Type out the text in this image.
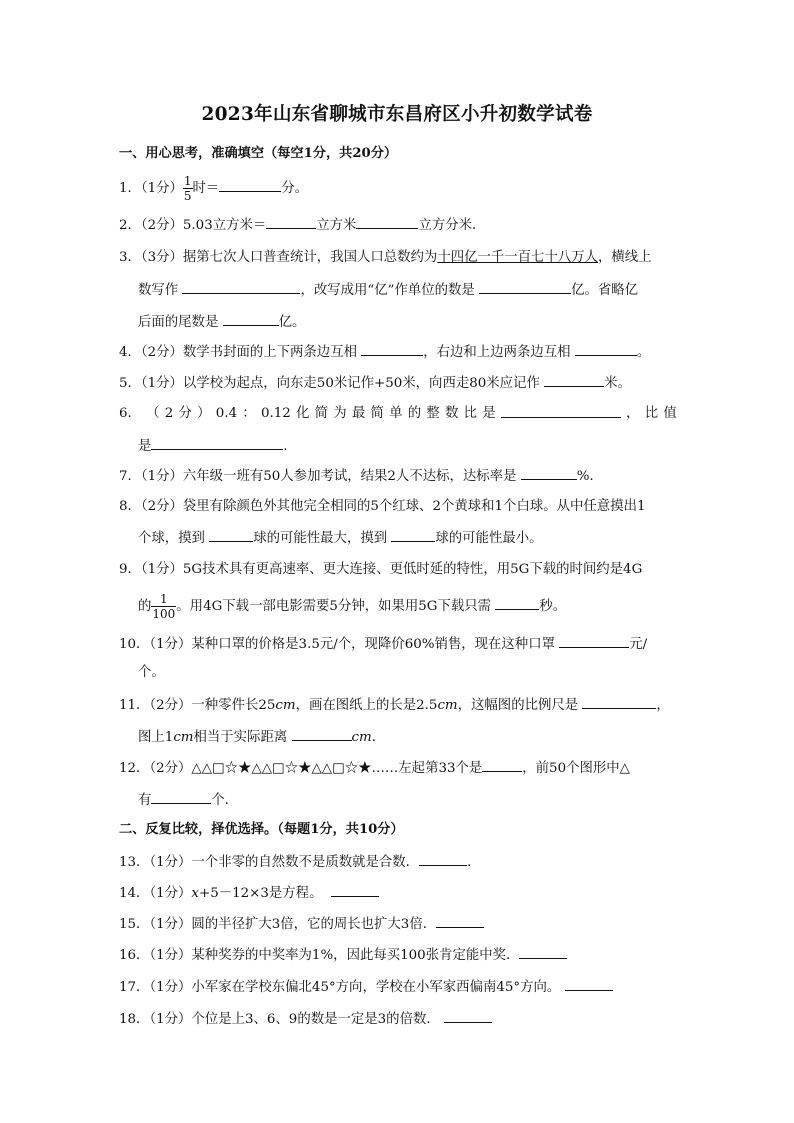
2023年山东省聊城市东昌府区小升初数学试卷
一、用心思考，准确填空（每空1分，共20分）
1．（1分） $\frac{1}{5}$ 时＝	分。
2．（2分）5.03立方米＝	立方米	立方分米．
3．（3分）据第七次人口普查统计，我国人口总数约为十四亿一千一百七十八万人，横线上
数写作	，改写成用“亿”作单位的数是	亿。省略亿
后面的尾数是	亿。
4．（2分）数学书封面的上下两条边互相	，右边和上边两条边互相	。
5．（1分）以学校为起点，向东走50米记作+50米，向西走80米应记作	米。
6． （ 2 分 ） 0.4 ： 0.12 化 简 为 最 简 单 的 整 数 比 是	， 比 值
是	．
7．（1分）六年级一班有50人参加考试，结果2人不达标，达标率是	%．
8．（2分）袋里有除颜色外其他完全相同的5个红球、2个黄球和1个白球。从中任意摸出1
个球，摸到	球的可能性最大，摸到	球的可能性最小。
9．（1分）5G技术具有更高速率、更大连接、更低时延的特性，用5G下载的时间约是4G
的 $\frac{1}{100}$ 。用4G下载一部电影需要5分钟，如果用5G下载只需	秒。
10．（1分）某种口罩的价格是3.5元/个，现降价60%销售，现在这种口罩	元/
个。
11．（2分）一种零件长25cm，画在图纸上的长是2.5cm，这幅图的比例尺是	，
图上1cm相当于实际距离	cm．
12．（2分）△△□☆★△△□☆★△△□☆★……左起第33个是	，前50个图形中△
有	个．
二、反复比较，择优选择。（每题1分，共10分）
13．（1分）一个非零的自然数不是质数就是合数．	．
14．（1分）x+5－12×3是方程。
15．（1分）圆的半径扩大3倍，它的周长也扩大3倍．
16．（1分）某种奖券的中奖率为1%，因此每买100张肯定能中奖．
17．（1分）小军家在学校东偏北45°方向，学校在小军家西偏南45°方向。
18．（1分）个位是上3、6、9的数是一定是3的倍数．
